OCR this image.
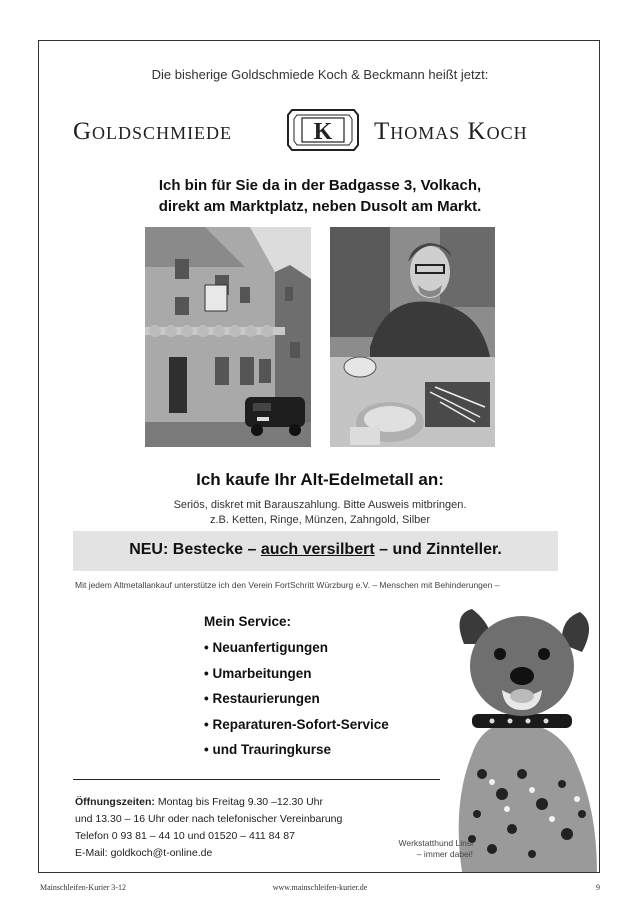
Die bisherige Goldschmiede Koch & Beckmann heißt jetzt:
Goldschmiede	K Thomas Koch
Ich bin für Sie da in der Badgasse 3, Volkach,
direkt am Marktplatz, neben Dusolt am Markt.
Ich kaufe Ihr Alt-Edelmetall an:
Seriös, diskret mit Barauszahlung. Bitte Ausweis mitbringen.
z.B. Ketten, Ringe, Münzen, Zahngold, Silber
NEU: Bestecke – auch versilbert – und Zinnteller.
Mit jedem Altmetallankauf unterstütze ich den Verein FortSchritt Würzburg e.V. – Menschen mit Behinderungen –
Mein Service:
• Neuanfertigungen
• Umarbeitungen
• Restaurierungen
• Reparaturen-Sofort-Service
• und Trauringkurse
Öffnungszeiten: Montag bis Freitag 9.30 –12.30 Uhr
und 13.30 – 16 Uhr oder nach telefonischer Vereinbarung
Telefon 0 93 81 – 44 10 und 01520 – 411 84 87
E-Mail: goldkoch@t-online.de
Werkstatthund Linsi
– immer dabei!
Mainschleifen-Kurier 3-12	www.mainschleifen-kurier.de	9
